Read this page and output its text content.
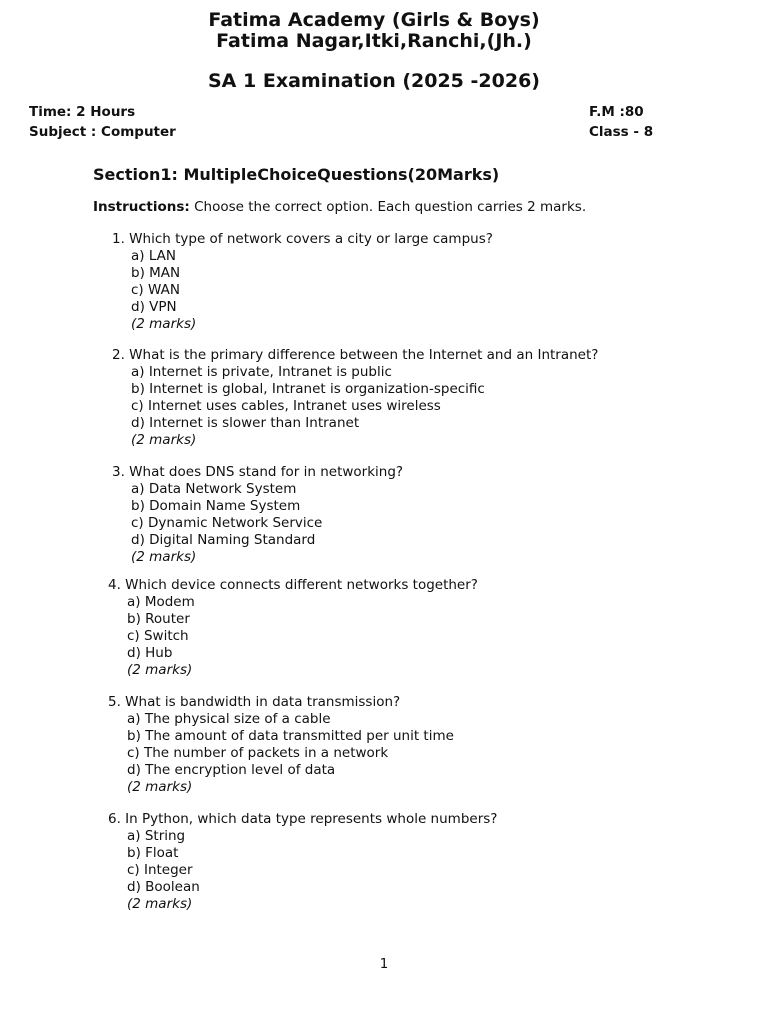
Fatima Academy (Girls & Boys)
Fatima Nagar,Itki,Ranchi,(Jh.)
SA 1 Examination (2025 -2026)
Time: 2 Hours
Subject : Computer
F.M :80
Class - 8
Section1: MultipleChoiceQuestions(20Marks)
Instructions: Choose the correct option. Each question carries 2 marks.
1. Which type of network covers a city or large campus?
a) LAN
b) MAN
c) WAN
d) VPN
(2 marks)
2. What is the primary difference between the Internet and an Intranet?
a) Internet is private, Intranet is public
b) Internet is global, Intranet is organization-specific
c) Internet uses cables, Intranet uses wireless
d) Internet is slower than Intranet
(2 marks)
3. What does DNS stand for in networking?
a) Data Network System
b) Domain Name System
c) Dynamic Network Service
d) Digital Naming Standard
(2 marks)
4. Which device connects different networks together?
a) Modem
b) Router
c) Switch
d) Hub
(2 marks)
5. What is bandwidth in data transmission?
a) The physical size of a cable
b) The amount of data transmitted per unit time
c) The number of packets in a network
d) The encryption level of data
(2 marks)
6. In Python, which data type represents whole numbers?
a) String
b) Float
c) Integer
d) Boolean
(2 marks)
1
